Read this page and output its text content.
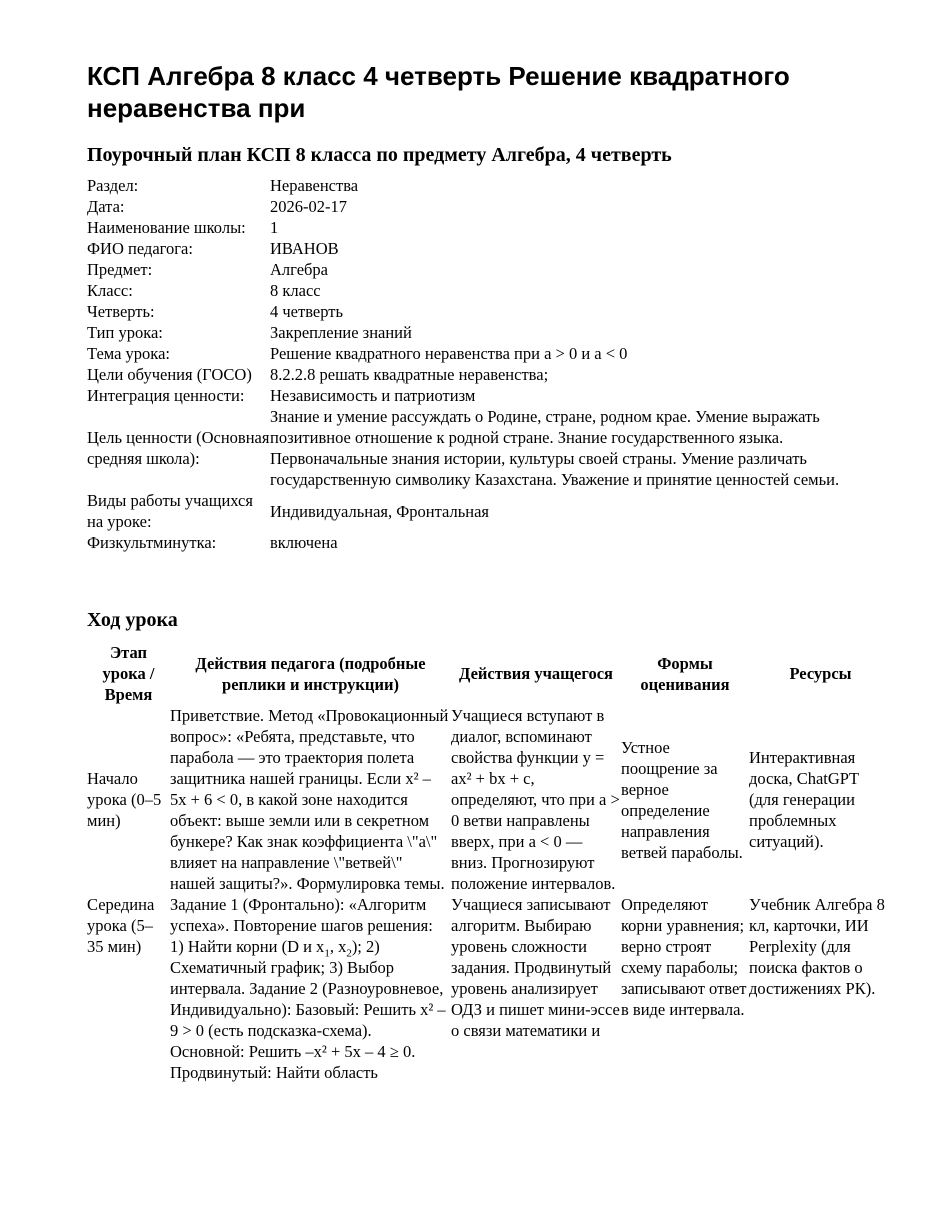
КСП Алгебра 8 класс 4 четверть Решение квадратного неравенства при
Поурочный план КСП 8 класса по предмету Алгебра, 4 четверть
Раздел:	Неравенства
Дата:	2026-02-17
Наименование школы:	1
ФИО педагога:	ИВАНОВ
Предмет:	Алгебра
Класс:	8 класс
Четверть:	4 четверть
Тип урока:	Закрепление знаний
Тема урока:	Решение квадратного неравенства при a > 0 и a < 0
Цели обучения (ГОСО)	8.2.2.8 решать квадратные неравенства;
Интеграция ценности:	Независимость и патриотизм
Цель ценности (Основная средняя школа):	Знание и умение рассуждать о Родине, стране, родном крае. Умение выражать позитивное отношение к родной стране. Знание государственного языка. Первоначальные знания истории, культуры своей страны. Умение различать государственную символику Казахстана. Уважение и принятие ценностей семьи.
Виды работы учащихся на уроке:	Индивидуальная, Фронтальная
Физкультминутка:	включена
Ход урока
Этап урока / Время	Действия педагога (подробные реплики и инструкции)	Действия учащегося	Формы оценивания	Ресурсы
Начало урока (0–5 мин)	Приветствие. Метод «Провокационный вопрос»: «Ребята, представьте, что парабола — это траектория полета защитника нашей границы. Если x² – 5x + 6 < 0, в какой зоне находится объект: выше земли или в секретном бункере? Как знак коэффициента \"a\" влияет на направление \"ветвей\" нашей защиты?». Формулировка темы.	Учащиеся вступают в диалог, вспоминают свойства функции y = ax² + bx + c, определяют, что при a > 0 ветви направлены вверх, при a < 0 — вниз. Прогнозируют положение интервалов.	Устное поощрение за верное определение направления ветвей параболы.	Интерактивная доска, ChatGPT (для генерации проблемных ситуаций).
Середина урока (5–35 мин)	Задание 1 (Фронтально): «Алгоритм успеха». Повторение шагов решения: 1) Найти корни (D и $x_1$, $x_2$); 2) Схематичный график; 3) Выбор интервала. Задание 2 (Разноуровневое, Индивидуально): Базовый: Решить x² – 9 > 0 (есть подсказка-схема). Основной: Решить –x² + 5x – 4 ≥ 0. Продвинутый: Найти область	Учащиеся записывают алгоритм. Выбираю уровень сложности задания. Продвинутый уровень анализирует ОДЗ и пишет мини-эссе о связи математики и	Определяют корни уравнения; верно строят схему параболы; записывают ответ в виде интервала.	Учебник Алгебра 8 кл, карточки, ИИ Perplexity (для поиска фактов о достижениях РК).
